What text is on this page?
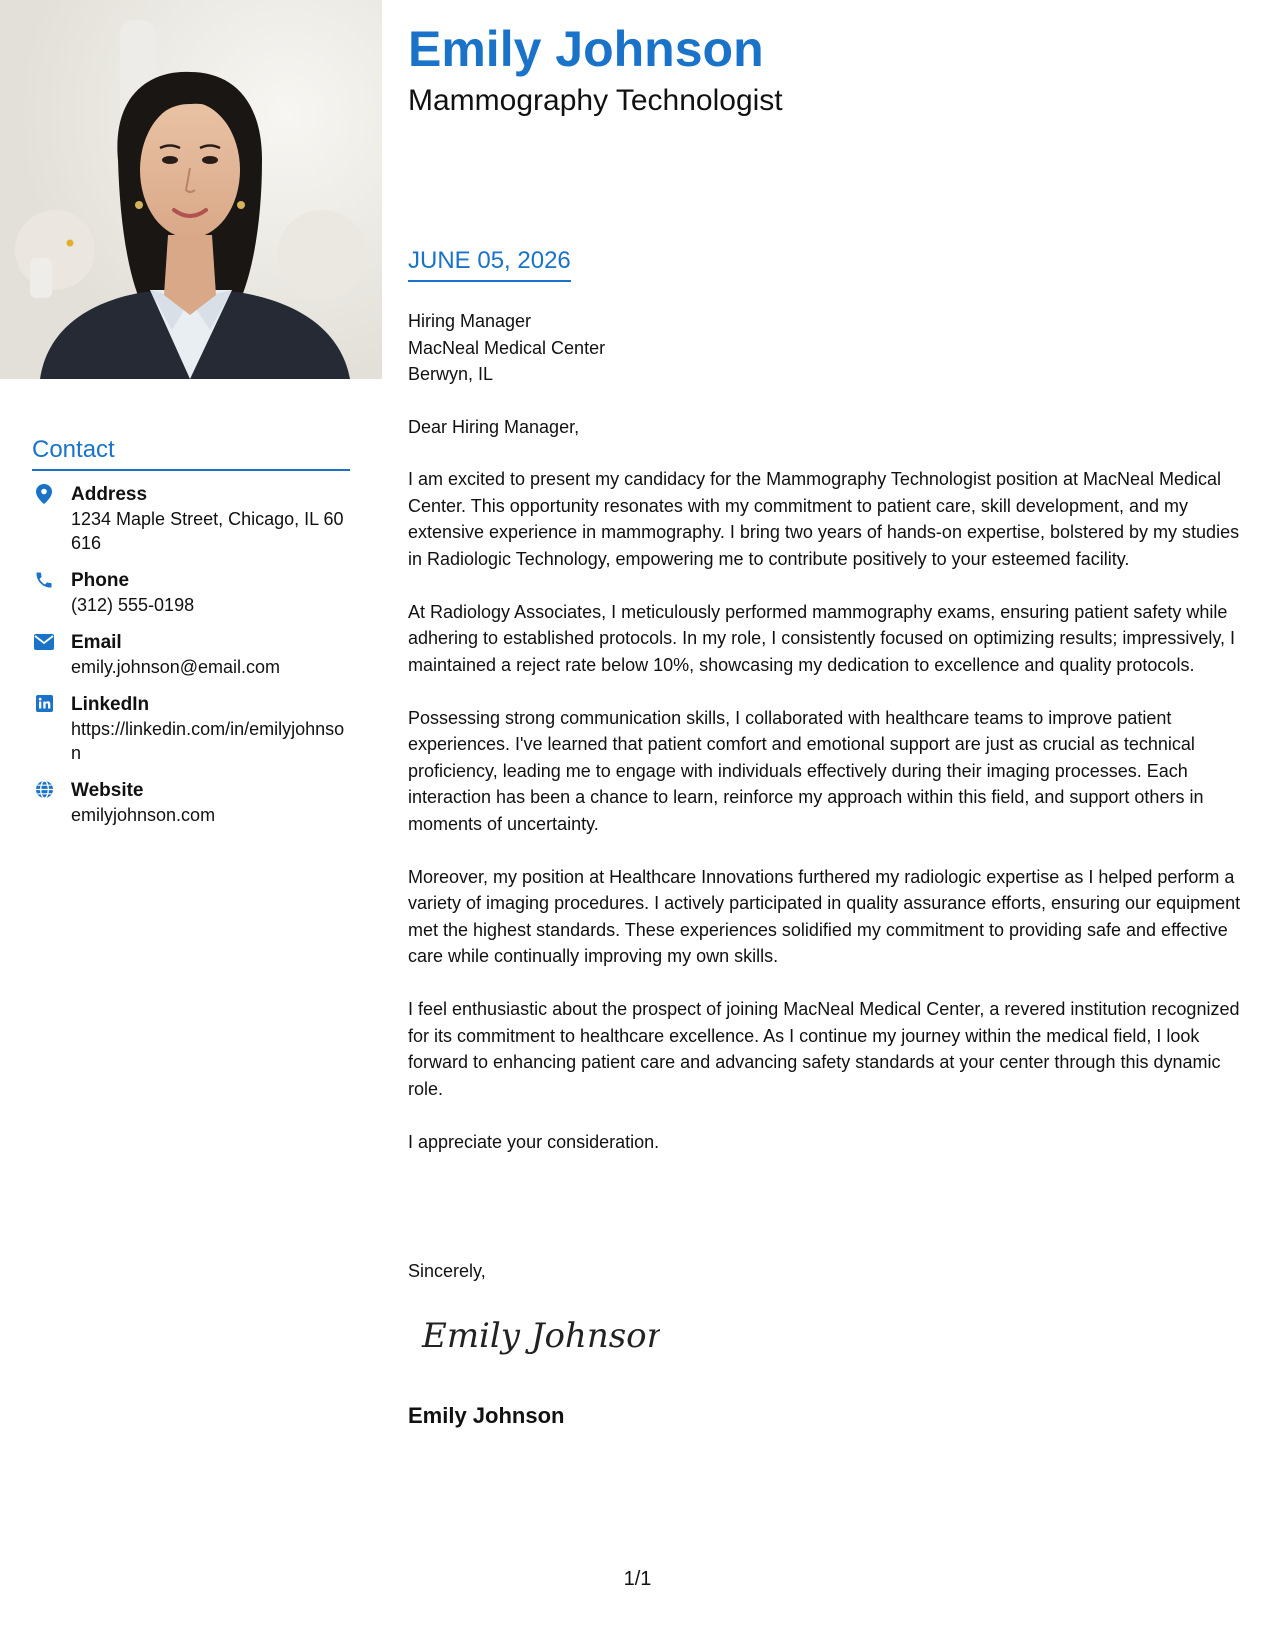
Contact
Address
1234 Maple Street, Chicago, IL 60616
Phone
(312) 555-0198
Email
emily.johnson@email.com
LinkedIn
https://linkedin.com/in/emilyjohnson
Website
emilyjohnson.com
Emily Johnson
Mammography Technologist
JUNE 05, 2026
Hiring Manager
MacNeal Medical Center
Berwyn, IL
Dear Hiring Manager,

I am excited to present my candidacy for the Mammography Technologist position at MacNeal Medical Center. This opportunity resonates with my commitment to patient care, skill development, and my extensive experience in mammography. I bring two years of hands-on expertise, bolstered by my studies in Radiologic Technology, empowering me to contribute positively to your esteemed facility.

At Radiology Associates, I meticulously performed mammography exams, ensuring patient safety while adhering to established protocols. In my role, I consistently focused on optimizing results; impressively, I maintained a reject rate below 10%, showcasing my dedication to excellence and quality protocols.

Possessing strong communication skills, I collaborated with healthcare teams to improve patient experiences. I've learned that patient comfort and emotional support are just as crucial as technical proficiency, leading me to engage with individuals effectively during their imaging processes. Each interaction has been a chance to learn, reinforce my approach within this field, and support others in moments of uncertainty.

Moreover, my position at Healthcare Innovations furthered my radiologic expertise as I helped perform a variety of imaging procedures. I actively participated in quality assurance efforts, ensuring our equipment met the highest standards. These experiences solidified my commitment to providing safe and effective care while continually improving my own skills.

I feel enthusiastic about the prospect of joining MacNeal Medical Center, a revered institution recognized for its commitment to healthcare excellence. As I continue my journey within the medical field, I look forward to enhancing patient care and advancing safety standards at your center through this dynamic role.

I appreciate your consideration.

Sincerely,
Emily Johnson
Emily Johnson
1/1
